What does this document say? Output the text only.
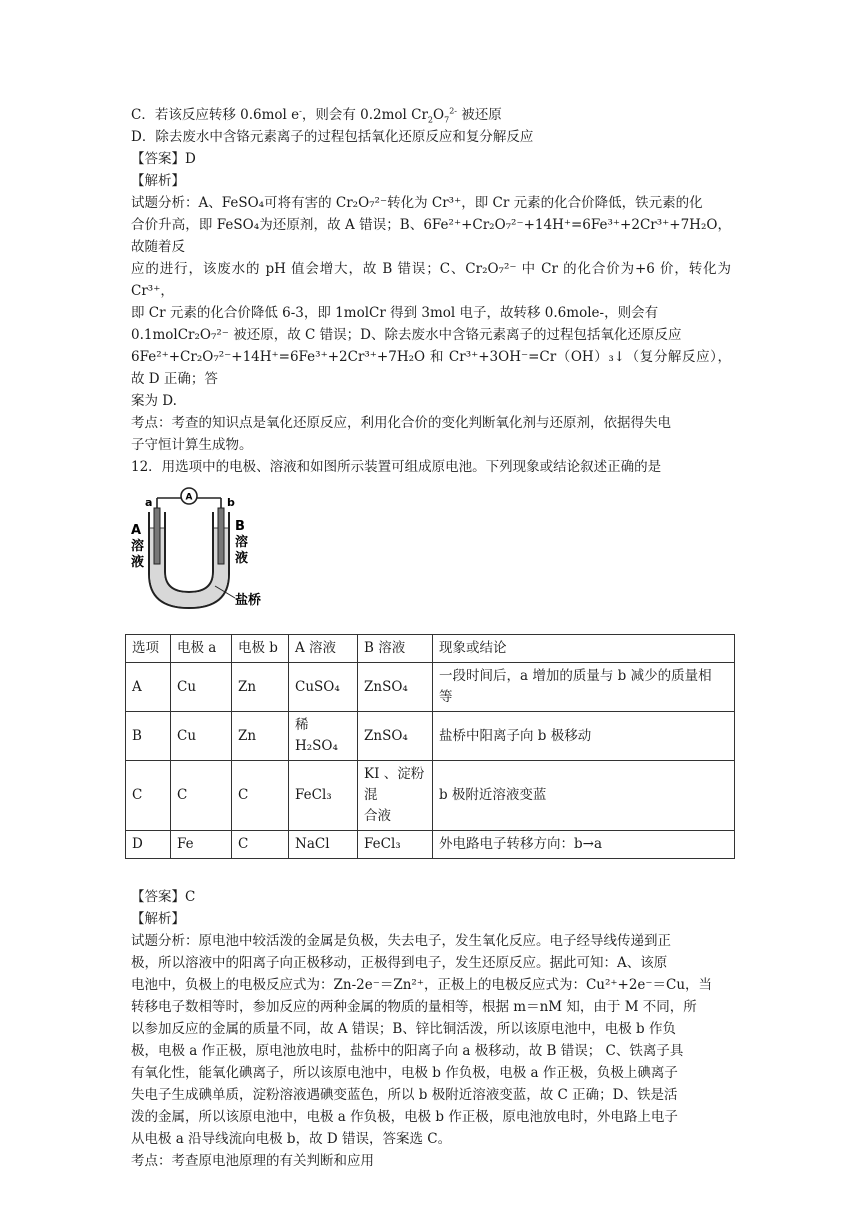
C．若该反应转移 0.6mol e-，则会有 0.2mol $Cr_2O_7^{2-}$ 被还原

D．除去废水中含铬元素离子的过程包括氧化还原反应和复分解反应

【答案】D

【解析】

试题分析：A、FeSO₄可将有害的 Cr₂O₇²⁻转化为 Cr³⁺，即 Cr 元素的化合价降低，铁元素的化

合价升高，即 FeSO₄为还原剂，故 A 错误；B、6Fe²⁺+Cr₂O₇²⁻+14H⁺=6Fe³⁺+2Cr³⁺+7H₂O，故随着反

应的进行，该废水的 pH 值会增大，故 B 错误；C、Cr₂O₇²⁻ 中 Cr 的化合价为+6 价，转化为 Cr³⁺，

即 Cr 元素的化合价降低 6-3，即 1molCr 得到 3mol 电子，故转移 0.6mole-，则会有

0.1molCr₂O₇²⁻ 被还原，故 C 错误；D、除去废水中含铬元素离子的过程包括氧化还原反应

6Fe²⁺+Cr₂O₇²⁻+14H⁺=6Fe³⁺+2Cr³⁺+7H₂O 和 Cr³⁺+3OH⁻=Cr（OH）₃↓（复分解反应），故 D 正确；答

案为 D.

考点：考查的知识点是氧化还原反应，利用化合价的变化判断氧化剂与还原剂，依据得失电

子守恒计算生成物。

12．用选项中的电极、溶液和如图所示装置可组成原电池。下列现象或结论叙述正确的是

A
a	b
A
溶
液
B
溶
液
盐桥
选项	电极 a	电极 b	A 溶液	B 溶液	现象或结论
A	Cu	Zn	CuSO₄	ZnSO₄	一段时间后，a 增加的质量与 b 减少的质量相
等

B	Cu	Zn	稀 H₂SO₄	ZnSO₄	盐桥中阳离子向 b 极移动
C	C	C	FeCl₃	KI 、淀粉
混
合液	b 极附近溶液变蓝
D	Fe	C	NaCl	FeCl₃	外电路电子转移方向：b→a

【答案】C

【解析】

试题分析：原电池中较活泼的金属是负极，失去电子，发生氧化反应。电子经导线传递到正

极，所以溶液中的阳离子向正极移动，正极得到电子，发生还原反应。据此可知：A、该原

电池中，负极上的电极反应式为：Zn-2e⁻＝Zn²⁺，正极上的电极反应式为：Cu²⁺+2e⁻＝Cu，当

转移电子数相等时，参加反应的两种金属的物质的量相等，根据 m＝nM 知，由于 M 不同，所

以参加反应的金属的质量不同，故 A 错误；B、锌比铜活泼，所以该原电池中，电极 b 作负

极，电极 a 作正极，原电池放电时，盐桥中的阳离子向 a 极移动，故 B 错误； C、铁离子具

有氧化性，能氧化碘离子，所以该原电池中，电极 b 作负极，电极 a 作正极，负极上碘离子

失电子生成碘单质，淀粉溶液遇碘变蓝色，所以 b 极附近溶液变蓝，故 C 正确；D、铁是活

泼的金属，所以该原电池中，电极 a 作负极，电极 b 作正极，原电池放电时，外电路上电子

从电极 a 沿导线流向电极 b，故 D 错误，答案选 C。

考点：考查原电池原理的有关判断和应用
